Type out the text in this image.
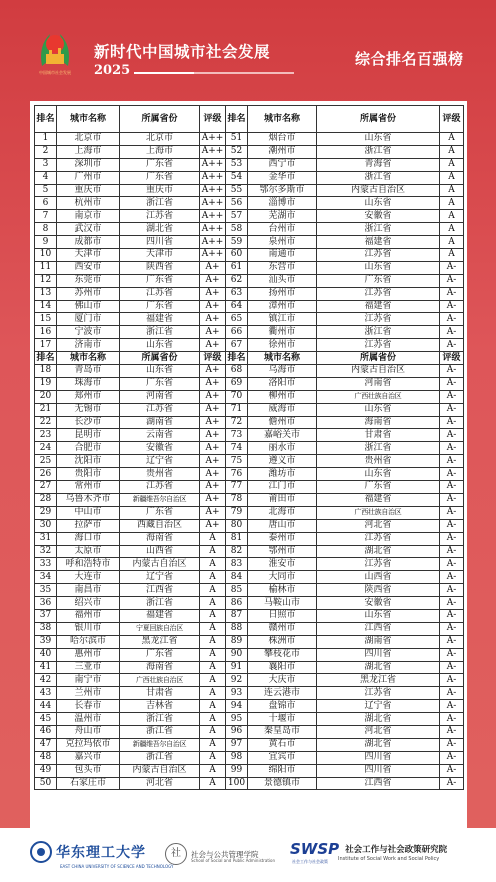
中国城市社会发展
新时代中国城市社会发展
2025
综合排名百强榜
排名	城市名称	所属省份	评级	排名	城市名称	所属省份	评级
1	北京市	北京市	A++	51	烟台市	山东省	A
2	上海市	上海市	A++	52	潮州市	浙江省	A
3	深圳市	广东省	A++	53	西宁市	青海省	A
4	广州市	广东省	A++	54	金华市	浙江省	A
5	重庆市	重庆市	A++	55	鄂尔多斯市	内蒙古自治区	A
6	杭州市	浙江省	A++	56	淄博市	山东省	A
7	南京市	江苏省	A++	57	芜湖市	安徽省	A
8	武汉市	湖北省	A++	58	台州市	浙江省	A
9	成都市	四川省	A++	59	泉州市	福建省	A
10	天津市	天津市	A++	60	南通市	江苏省	A
11	西安市	陕西省	A+	61	东营市	山东省	A-
12	东莞市	广东省	A+	62	汕头市	广东省	A-
13	苏州市	江苏省	A+	63	扬州市	江苏省	A-
14	佛山市	广东省	A+	64	漳州市	福建省	A-
15	厦门市	福建省	A+	65	镇江市	江苏省	A-
16	宁波市	浙江省	A+	66	衢州市	浙江省	A-
17	济南市	山东省	A+	67	徐州市	江苏省	A-
排名	城市名称	所属省份	评级	排名	城市名称	所属省份	评级
18	青岛市	山东省	A+	68	乌海市	内蒙古自治区	A-
19	珠海市	广东省	A+	69	洛阳市	河南省	A-
20	郑州市	河南省	A+	70	柳州市	广西壮族自治区	A-
21	无锡市	江苏省	A+	71	威海市	山东省	A-
22	长沙市	湖南省	A+	72	儋州市	海南省	A-
23	昆明市	云南省	A+	73	嘉峪关市	甘肃省	A-
24	合肥市	安徽省	A+	74	丽水市	浙江省	A-
25	沈阳市	辽宁省	A+	75	遵义市	贵州省	A-
26	贵阳市	贵州省	A+	76	潍坊市	山东省	A-
27	常州市	江苏省	A+	77	江门市	广东省	A-
28	乌鲁木齐市	新疆维吾尔自治区	A+	78	莆田市	福建省	A-
29	中山市	广东省	A+	79	北海市	广西壮族自治区	A-
30	拉萨市	西藏自治区	A+	80	唐山市	河北省	A-
31	海口市	海南省	A	81	泰州市	江苏省	A-
32	太原市	山西省	A	82	鄂州市	湖北省	A-
33	呼和浩特市	内蒙古自治区	A	83	淮安市	江苏省	A-
34	大连市	辽宁省	A	84	大同市	山西省	A-
35	南昌市	江西省	A	85	榆林市	陕西省	A-
36	绍兴市	浙江省	A	86	马鞍山市	安徽省	A-
37	福州市	福建省	A	87	日照市	山东省	A-
38	银川市	宁夏回族自治区	A	88	赣州市	江西省	A-
39	哈尔滨市	黑龙江省	A	89	株洲市	湖南省	A-
40	惠州市	广东省	A	90	攀枝花市	四川省	A-
41	三亚市	海南省	A	91	襄阳市	湖北省	A-
42	南宁市	广西壮族自治区	A	92	大庆市	黑龙江省	A-
43	兰州市	甘肃省	A	93	连云港市	江苏省	A-
44	长春市	吉林省	A	94	盘锦市	辽宁省	A-
45	温州市	浙江省	A	95	十堰市	湖北省	A-
46	舟山市	浙江省	A	96	秦皇岛市	河北省	A-
47	克拉玛依市	新疆维吾尔自治区	A	97	黄石市	湖北省	A-
48	嘉兴市	浙江省	A	98	宜宾市	四川省	A-
49	包头市	内蒙古自治区	A	99	绵阳市	四川省	A-
50	石家庄市	河北省	A	100	景德镇市	江西省	A-
华东理工大学
EAST CHINA UNIVERSITY OF SCIENCE AND TECHNOLOGY
社	社会与公共管理学院
School of Social and Public Administration
SWSP 社会工作与社会政策研究院
社会工作与社会政策 Institute of Social Work and Social Policy
